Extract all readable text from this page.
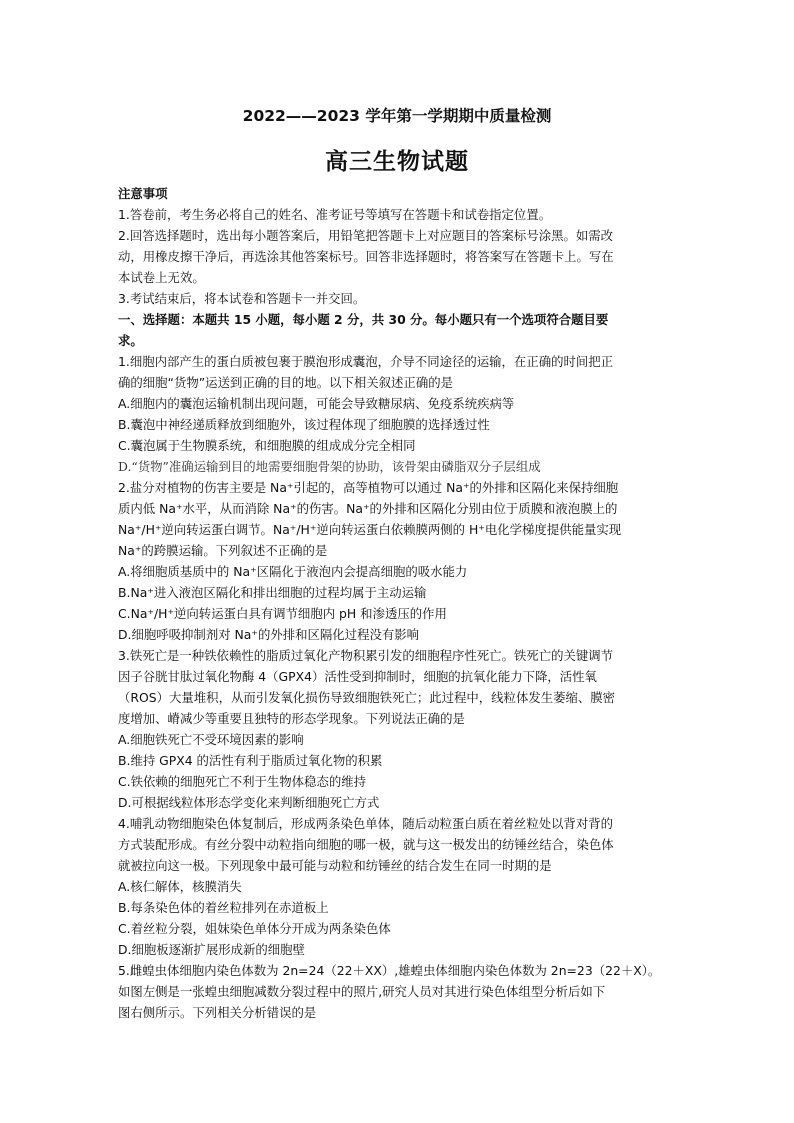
2022——2023 学年第一学期期中质量检测
高三生物试题

注意事项

1.答卷前，考生务必将自己的姓名、准考证号等填写在答题卡和试卷指定位置。

2.回答选择题时，选出每小题答案后，用铅笔把答题卡上对应题目的答案标号涂黑。如需改

动，用橡皮擦干净后，再选涂其他答案标号。回答非选择题时，将答案写在答题卡上。写在

本试卷上无效。

3.考试结束后，将本试卷和答题卡一并交回。

一、选择题：本题共 15 小题，每小题 2 分，共 30 分。每小题只有一个选项符合题目要

求。

1.细胞内部产生的蛋白质被包裹于膜泡形成囊泡，介导不同途径的运输，在正确的时间把正

确的细胞“货物”运送到正确的目的地。以下相关叙述正确的是

A.细胞内的囊泡运输机制出现问题，可能会导致糖尿病、免疫系统疾病等

B.囊泡中神经递质释放到细胞外，该过程体现了细胞膜的选择透过性

C.囊泡属于生物膜系统，和细胞膜的组成成分完全相同

D.“货物”准确运输到目的地需要细胞骨架的协助，该骨架由磷脂双分子层组成

2.盐分对植物的伤害主要是 Na⁺引起的，高等植物可以通过 Na⁺的外排和区隔化来保持细胞

质内低 Na⁺水平，从而消除 Na⁺的伤害。Na⁺的外排和区隔化分别由位于质膜和液泡膜上的

Na⁺/H⁺逆向转运蛋白调节。Na⁺/H⁺逆向转运蛋白依赖膜两侧的 H⁺电化学梯度提供能量实现

Na⁺的跨膜运输。下列叙述不正确的是

A.将细胞质基质中的 Na⁺区隔化于液泡内会提高细胞的吸水能力

B.Na⁺进入液泡区隔化和排出细胞的过程均属于主动运输

C.Na⁺/H⁺逆向转运蛋白具有调节细胞内 pH 和渗透压的作用

D.细胞呼吸抑制剂对 Na⁺的外排和区隔化过程没有影响

3.铁死亡是一种铁依赖性的脂质过氧化产物积累引发的细胞程序性死亡。铁死亡的关键调节

因子谷胱甘肽过氧化物酶 4（GPX4）活性受到抑制时，细胞的抗氧化能力下降，活性氧

（ROS）大量堆积，从而引发氧化损伤导致细胞铁死亡；此过程中，线粒体发生萎缩、膜密

度增加、嵴减少等重要且独特的形态学现象。下列说法正确的是

A.细胞铁死亡不受环境因素的影响

B.维持 GPX4 的活性有利于脂质过氧化物的积累

C.铁依赖的细胞死亡不利于生物体稳态的维持

D.可根据线粒体形态学变化来判断细胞死亡方式

4.哺乳动物细胞染色体复制后，形成两条染色单体，随后动粒蛋白质在着丝粒处以背对背的

方式装配形成。有丝分裂中动粒指向细胞的哪一极，就与这一极发出的纺锤丝结合，染色体

就被拉向这一极。下列现象中最可能与动粒和纺锤丝的结合发生在同一时期的是

A.核仁解体，核膜消失

B.每条染色体的着丝粒排列在赤道板上

C.着丝粒分裂，姐妹染色单体分开成为两条染色体

D.细胞板逐渐扩展形成新的细胞壁

5.雌蝗虫体细胞内染色体数为 2n=24（22＋XX）,雄蝗虫体细胞内染色体数为 2n=23（22＋X）。

如图左侧是一张蝗虫细胞减数分裂过程中的照片,研究人员对其进行染色体组型分析后如下

图右侧所示。下列相关分析错误的是
